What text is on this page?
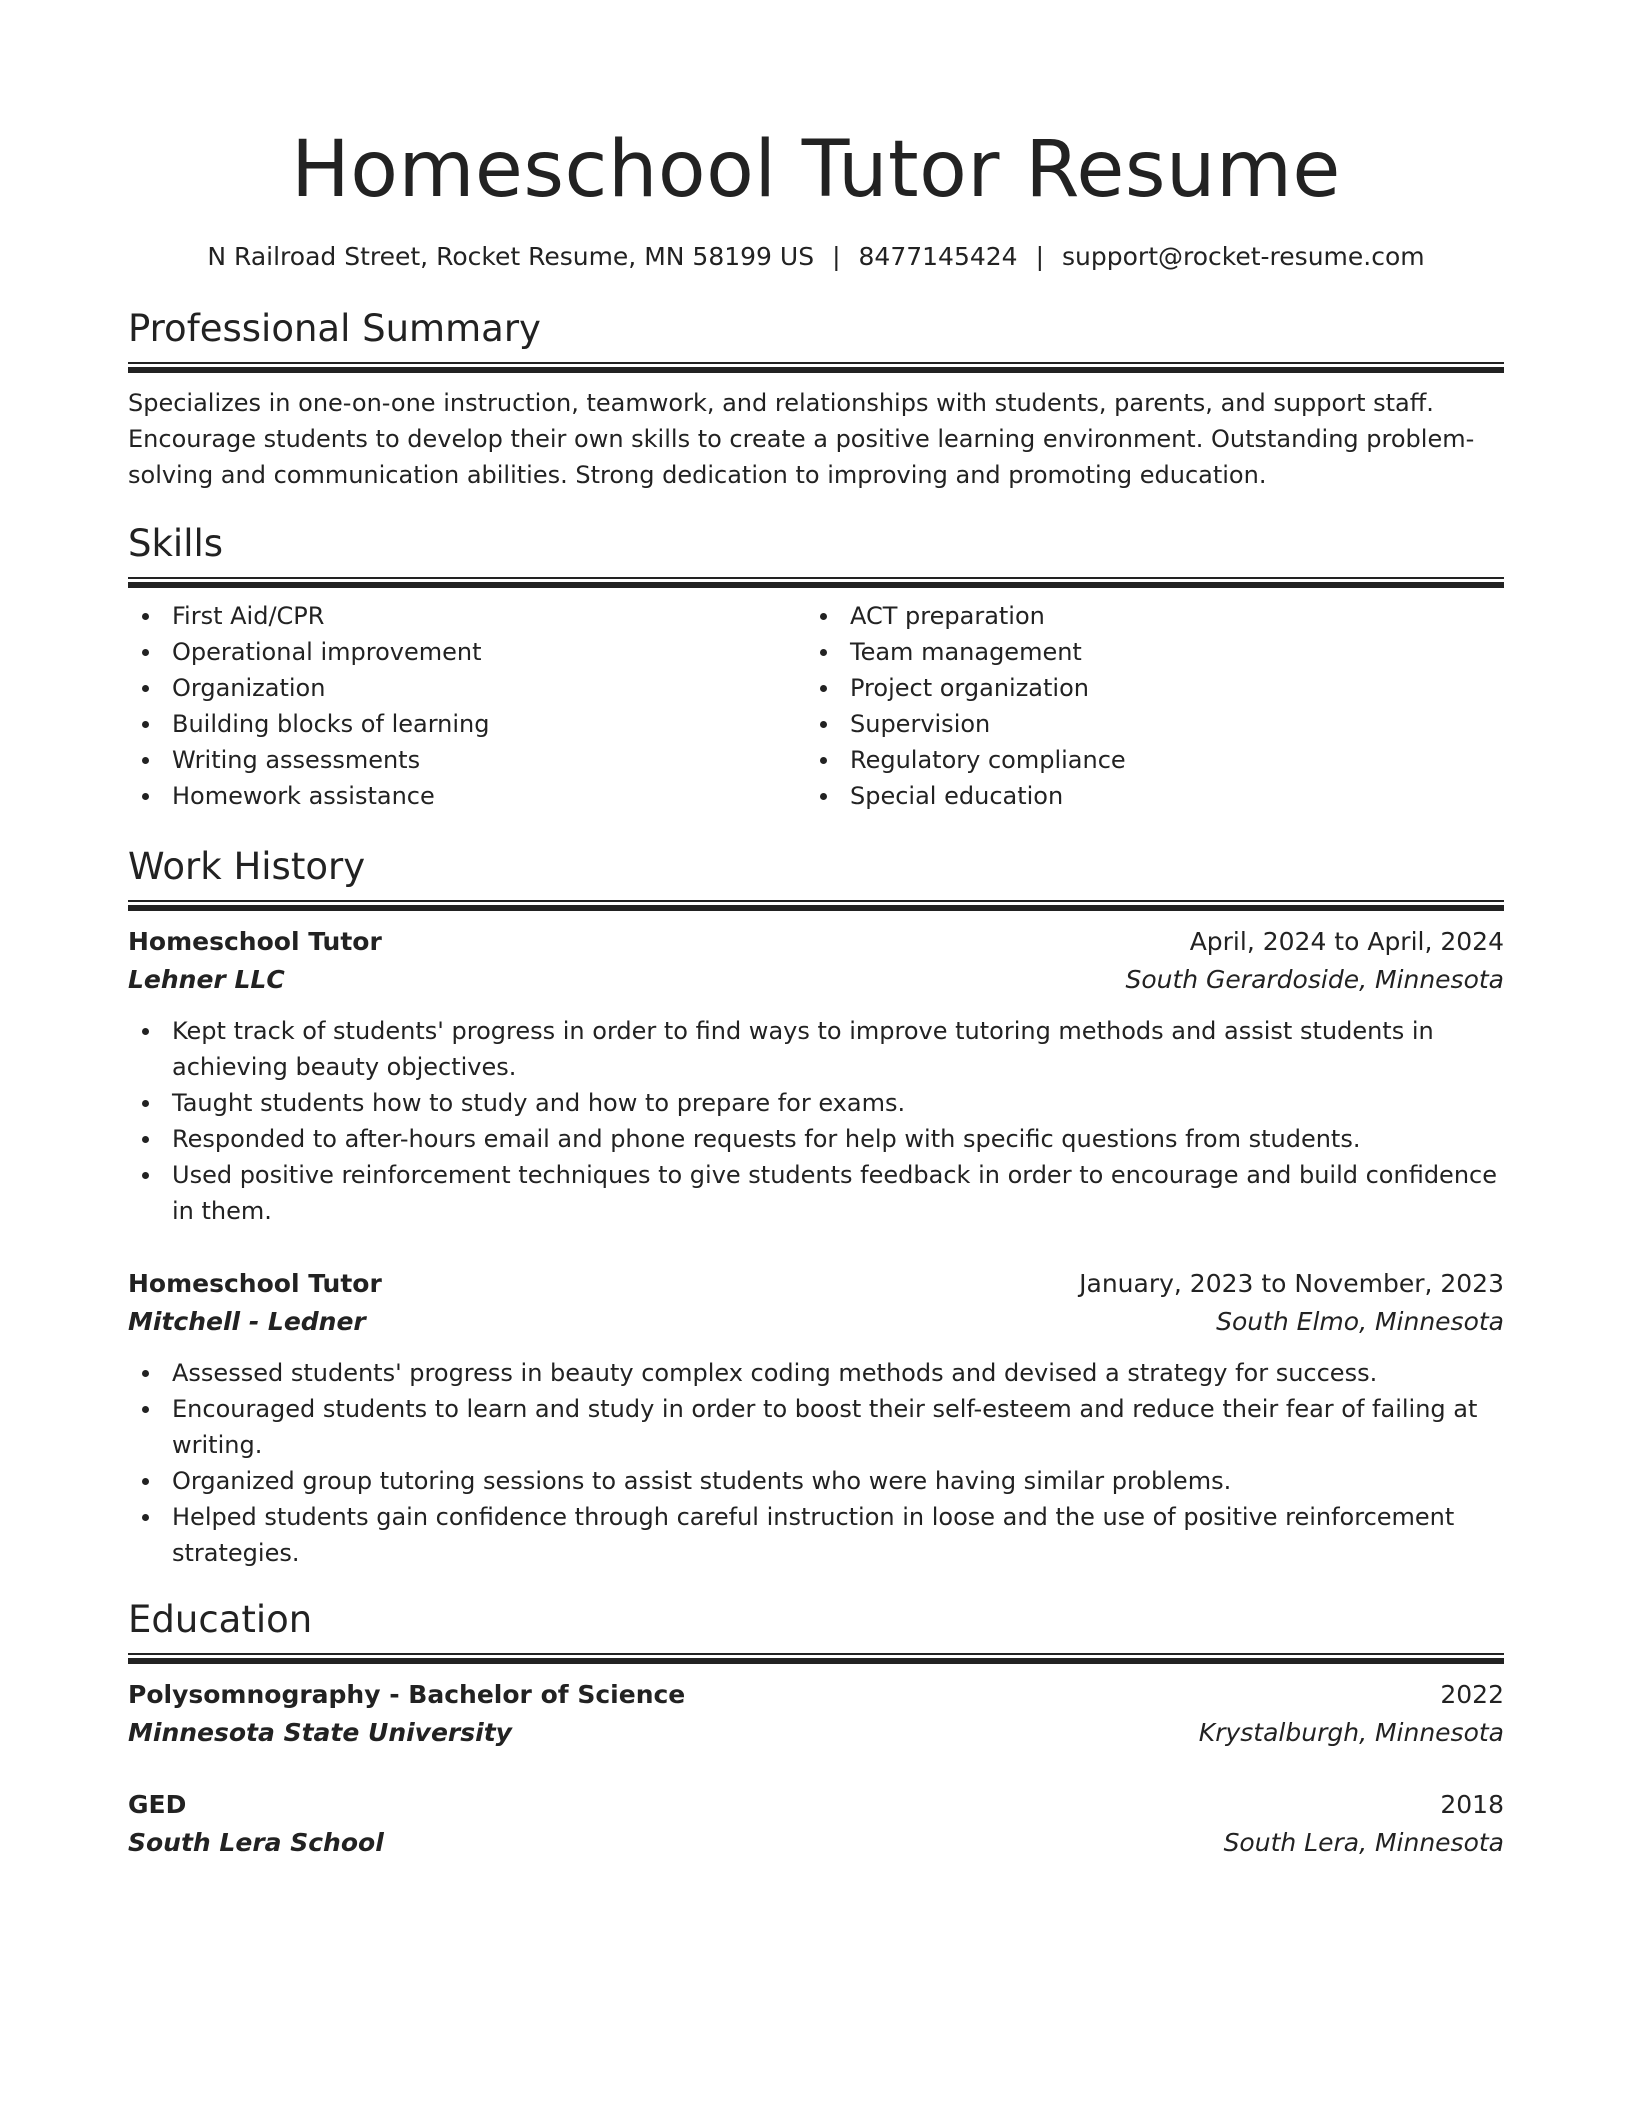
Homeschool Tutor Resume
N Railroad Street, Rocket Resume, MN 58199 US | 8477145424 | support@rocket-resume.com
Professional Summary

Specializes in one-on-one instruction, teamwork, and relationships with students, parents, and support staff. Encourage students to develop their own skills to create a positive learning environment. Outstanding problem-solving and communication abilities. Strong dedication to improving and promoting education.

Skills
First Aid/CPR
Operational improvement
Organization
Building blocks of learning
Writing assessments
Homework assistance
ACT preparation
Team management
Project organization
Supervision
Regulatory compliance
Special education
Work History
Homeschool Tutor	April, 2024 to April, 2024
Lehner LLC	South Gerardoside, Minnesota
Kept track of students' progress in order to find ways to improve tutoring methods and assist students in achieving beauty objectives.
Taught students how to study and how to prepare for exams.
Responded to after-hours email and phone requests for help with specific questions from students.
Used positive reinforcement techniques to give students feedback in order to encourage and build confidence in them.
Homeschool Tutor	January, 2023 to November, 2023
Mitchell - Ledner	South Elmo, Minnesota
Assessed students' progress in beauty complex coding methods and devised a strategy for success.
Encouraged students to learn and study in order to boost their self-esteem and reduce their fear of failing at writing.
Organized group tutoring sessions to assist students who were having similar problems.
Helped students gain confidence through careful instruction in loose and the use of positive reinforcement strategies.
Education
Polysomnography - Bachelor of Science	2022
Minnesota State University	Krystalburgh, Minnesota
GED	2018
South Lera School	South Lera, Minnesota
